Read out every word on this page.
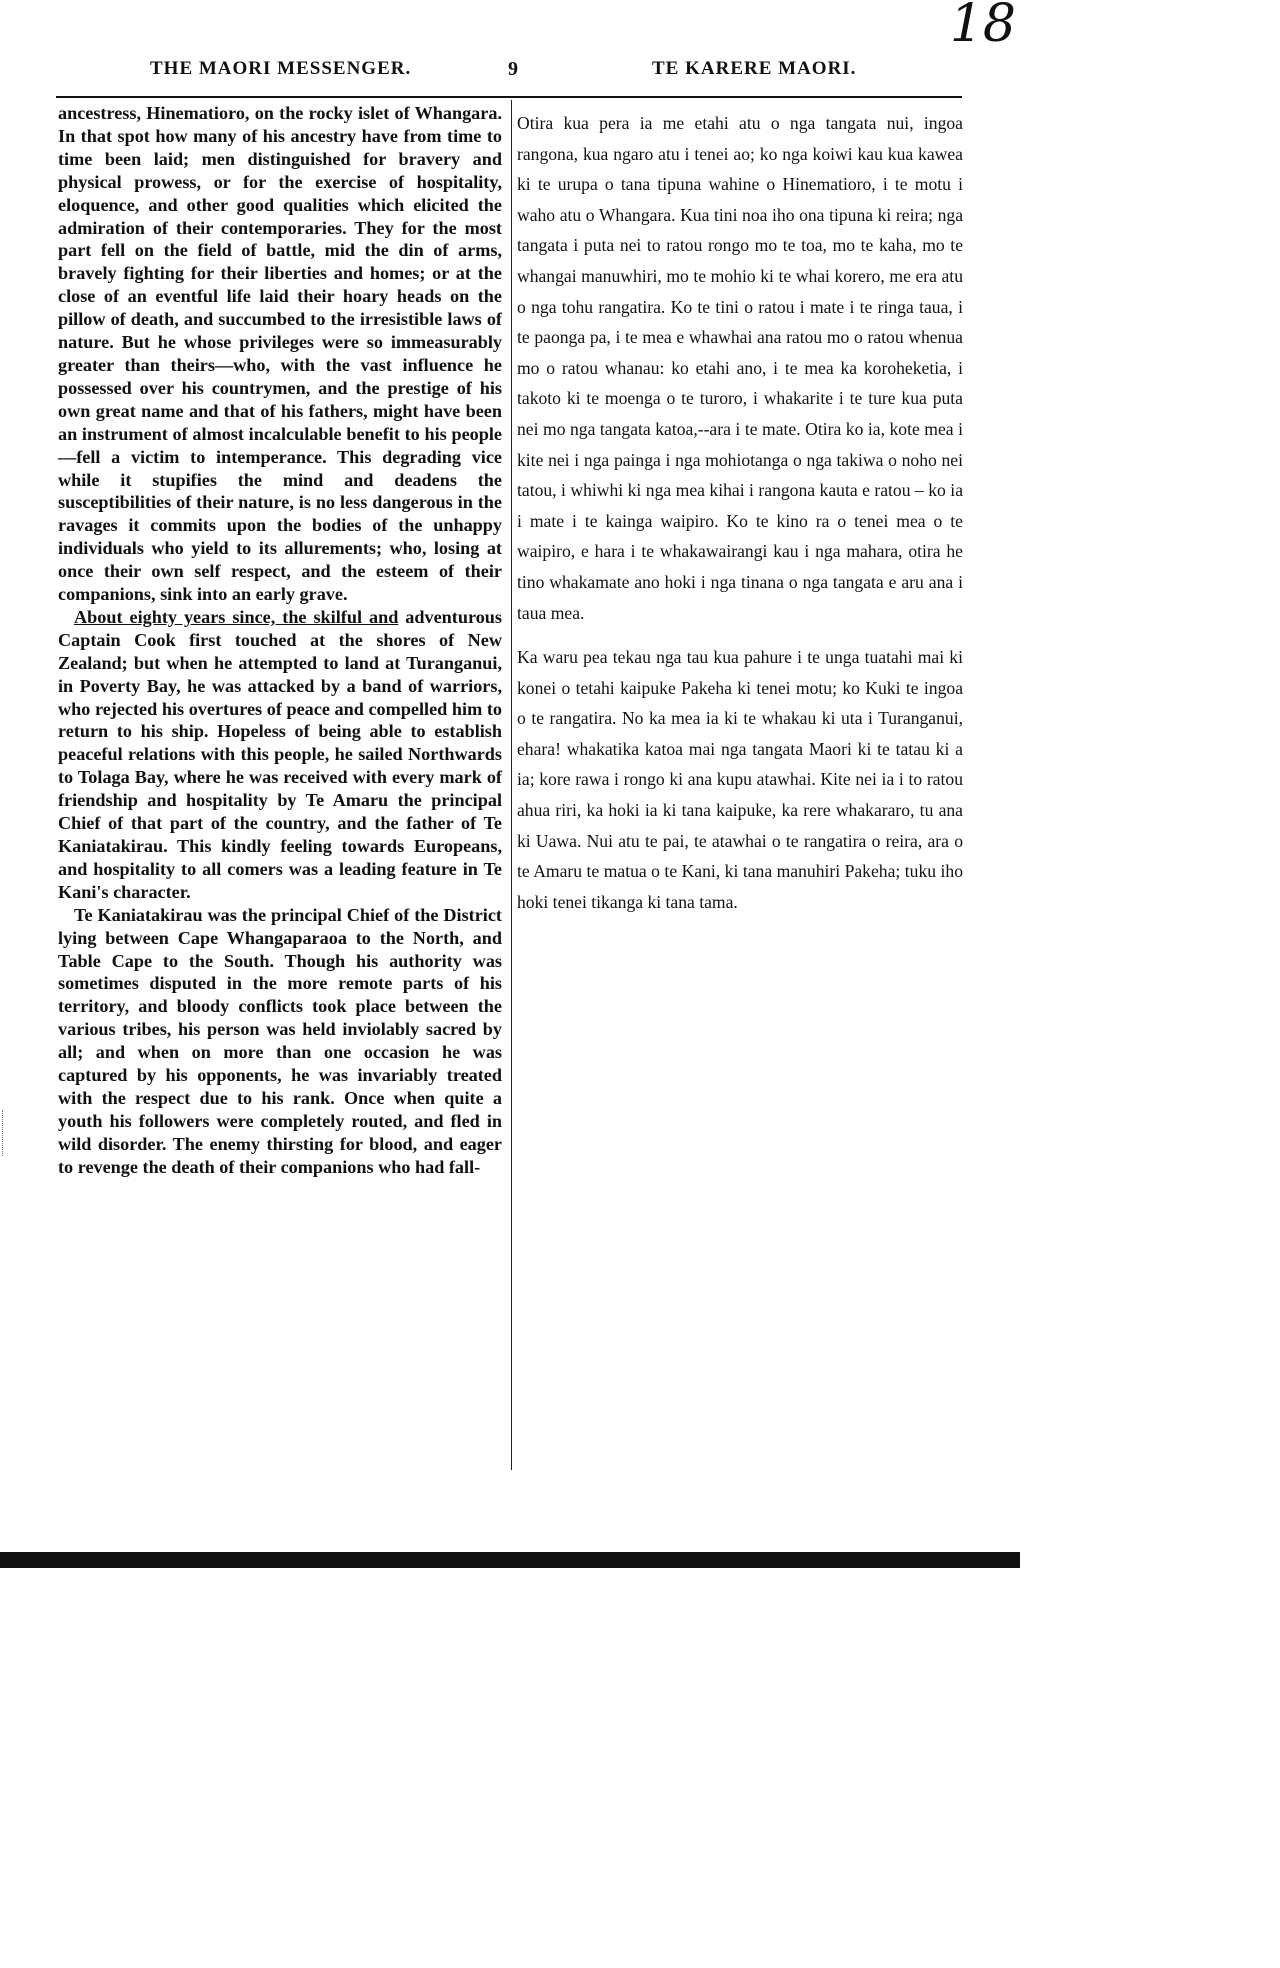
18
THE MAORI MESSENGER.	9	TE KARERE MAORI.

ancestress, Hinematioro, on the rocky islet of Whangara. In that spot how many of his ancestry have from time to time been laid; men distinguished for bravery and physical prowess, or for the exercise of hospitality, eloquence, and other good qualities which elicited the admiration of their contemporaries. They for the most part fell on the field of battle, mid the din of arms, bravely fighting for their liberties and homes; or at the close of an eventful life laid their hoary heads on the pillow of death, and succumbed to the irresistible laws of nature. But he whose privileges were so immeasurably greater than theirs—who, with the vast influence he possessed over his countrymen, and the prestige of his own great name and that of his fathers, might have been an instrument of almost incalculable benefit to his people—fell a victim to intemperance. This degrading vice while it stupifies the mind and deadens the susceptibilities of their nature, is no less dangerous in the ravages it commits upon the bodies of the unhappy individuals who yield to its allurements; who, losing at once their own self respect, and the esteem of their companions, sink into an early grave.

About eighty years since, the skilful and adventurous Captain Cook first touched at the shores of New Zealand; but when he attempted to land at Turanganui, in Poverty Bay, he was attacked by a band of warriors, who rejected his overtures of peace and compelled him to return to his ship. Hopeless of being able to establish peaceful relations with this people, he sailed Northwards to Tolaga Bay, where he was received with every mark of friendship and hospitality by Te Amaru the principal Chief of that part of the country, and the father of Te Kaniatakirau. This kindly feeling towards Europeans, and hospitality to all comers was a leading feature in Te Kani's character.

Te Kaniatakirau was the principal Chief of the District lying between Cape Whangaparaoa to the North, and Table Cape to the South. Though his authority was sometimes disputed in the more remote parts of his territory, and bloody conflicts took place between the various tribes, his person was held inviolably sacred by all; and when on more than one occasion he was captured by his opponents, he was invariably treated with the respect due to his rank. Once when quite a youth his followers were completely routed, and fled in wild disorder. The enemy thirsting for blood, and eager to revenge the death of their companions who had fall-

Otira kua pera ia me etahi atu o nga tangata nui, ingoa rangona, kua ngaro atu i tenei ao; ko nga koiwi kau kua kawea ki te urupa o tana tipuna wahine o Hinematioro, i te motu i waho atu o Whangara. Kua tini noa iho ona tipuna ki reira; nga tangata i puta nei to ratou rongo mo te toa, mo te kaha, mo te whangai manuwhiri, mo te mohio ki te whai korero, me era atu o nga tohu rangatira. Ko te tini o ratou i mate i te ringa taua, i te paonga pa, i te mea e whawhai ana ratou mo o ratou whenua mo o ratou whanau: ko etahi ano, i te mea ka koroheketia, i takoto ki te moenga o te turoro, i whakarite i te ture kua puta nei mo nga tangata katoa,--ara i te mate. Otira ko ia, kote mea i kite nei i nga painga i nga mohiotanga o nga takiwa o noho nei tatou, i whiwhi ki nga mea kihai i rangona kauta e ratou – ko ia i mate i te kainga waipiro. Ko te kino ra o tenei mea o te waipiro, e hara i te whakawairangi kau i nga mahara, otira he tino whakamate ano hoki i nga tinana o nga tangata e aru ana i taua mea.

Ka waru pea tekau nga tau kua pahure i te unga tuatahi mai ki konei o tetahi kaipuke Pakeha ki tenei motu; ko Kuki te ingoa o te rangatira. No ka mea ia ki te whakau ki uta i Turanganui, ehara! whakatika katoa mai nga tangata Maori ki te tatau ki a ia; kore rawa i rongo ki ana kupu atawhai. Kite nei ia i to ratou ahua riri, ka hoki ia ki tana kaipuke, ka rere whakararo, tu ana ki Uawa. Nui atu te pai, te atawhai o te rangatira o reira, ara o te Amaru te matua o te Kani, ki tana manuhiri Pakeha; tuku iho hoki tenei tikanga ki tana tama.
